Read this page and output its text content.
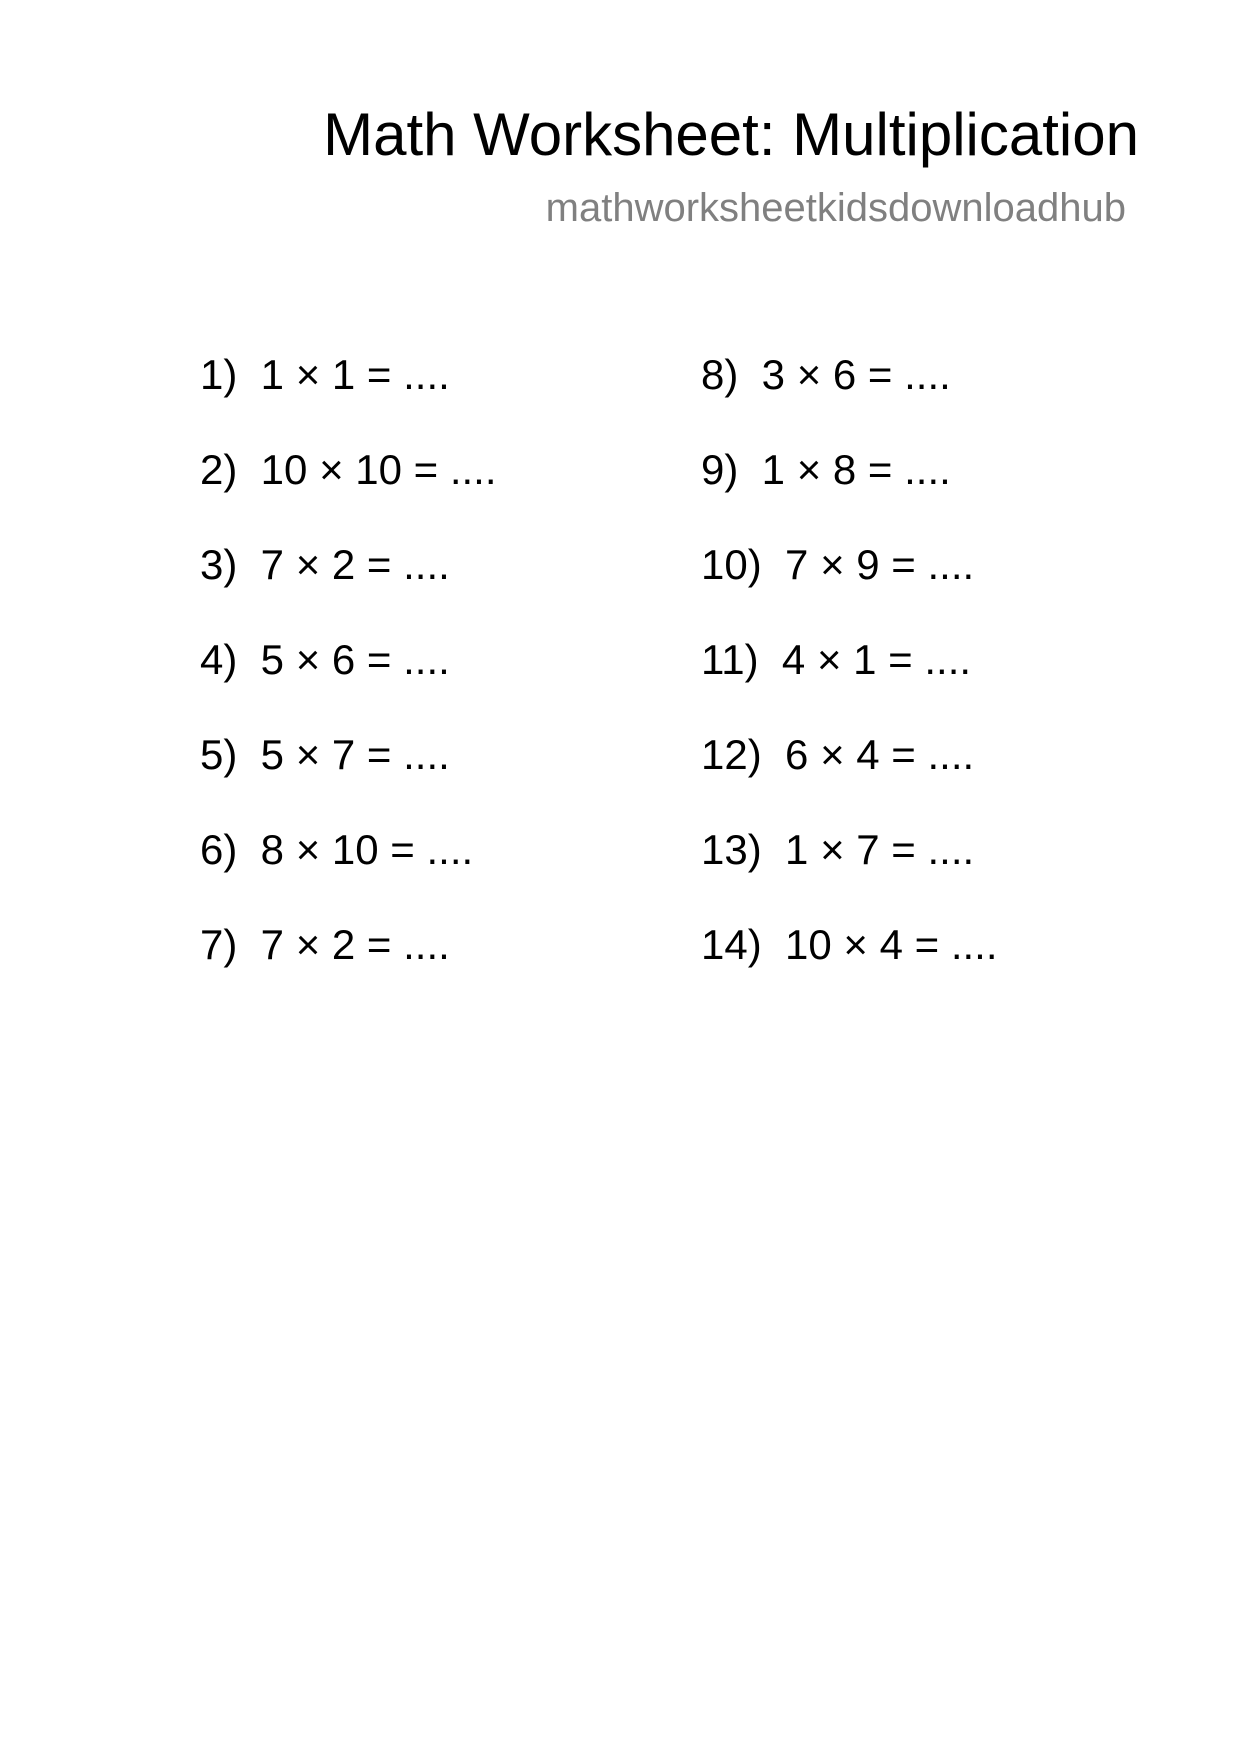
Math Worksheet: Multiplication
mathworksheetkidsdownloadhub
1)  1 × 1 = ....
2)  10 × 10 = ....
3)  7 × 2 = ....
4)  5 × 6 = ....
5)  5 × 7 = ....
6)  8 × 10 = ....
7)  7 × 2 = ....
8)  3 × 6 = ....
9)  1 × 8 = ....
10)  7 × 9 = ....
11)  4 × 1 = ....
12)  6 × 4 = ....
13)  1 × 7 = ....
14)  10 × 4 = ....
